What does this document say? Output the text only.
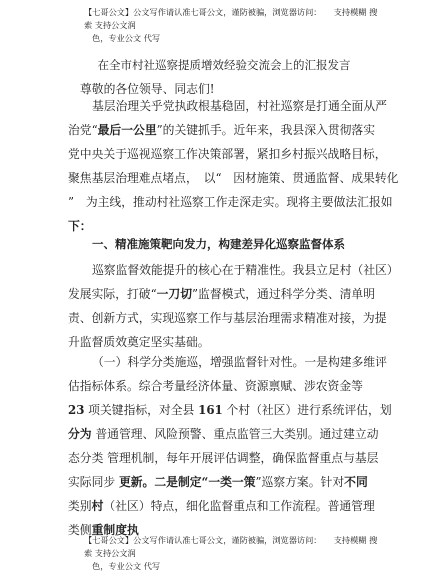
【七哥公文】公文写作请认准七哥公文，谨防被骗，浏览器访问：　　支持模糊 搜索 支持公文润
色，专业公文 代写
在全市村社巡察提质增效经验交流会上的汇报发言
尊敬的各位领导、同志们!
基层治理关乎党执政根基稳固，村社巡察是打通全面从严
治党“最后一公里”的关键抓手。近年来，我县深入贯彻落实
党中央关于巡视巡察工作决策部署，紧扣乡村振兴战略目标，
聚焦基层治理难点堵点，　以“　因材施策、贯通监督、成果转化
”　为主线，推动村社巡察工作走深走实。现将主要做法汇报如
下：
一、精准施策靶向发力，构建差异化巡察监督体系
巡察监督效能提升的核心在于精准性。我县立足村（社区）
发展实际，打破“一刀切”监督模式，通过科学分类、清单明
责、创新方式，实现巡察工作与基层治理需求精准对接，为提
升监督质效奠定坚实基础。
（一）科学分类施巡，增强监督针对性。一是构建多维评
估指标体系。综合考量经济体量、资源禀赋、涉农资金等
23 项关键指标，对全县 161 个村（社区）进行系统评估，划
分为 普通管理、风险预警、重点监管三大类别。通过建立动
态分类 管理机制，每年开展评估调整，确保监督重点与基层
实际同步 更新。二是制定“一类一策”巡察方案。针对不同
类别村（社区）特点，细化监督重点和工作流程。普通管理
类侧重制度执
【七哥公文】公文写作请认准七哥公文，谨防被骗，浏览器访问：　　支持模糊 搜索 支持公文润
色，专业公文 代写
